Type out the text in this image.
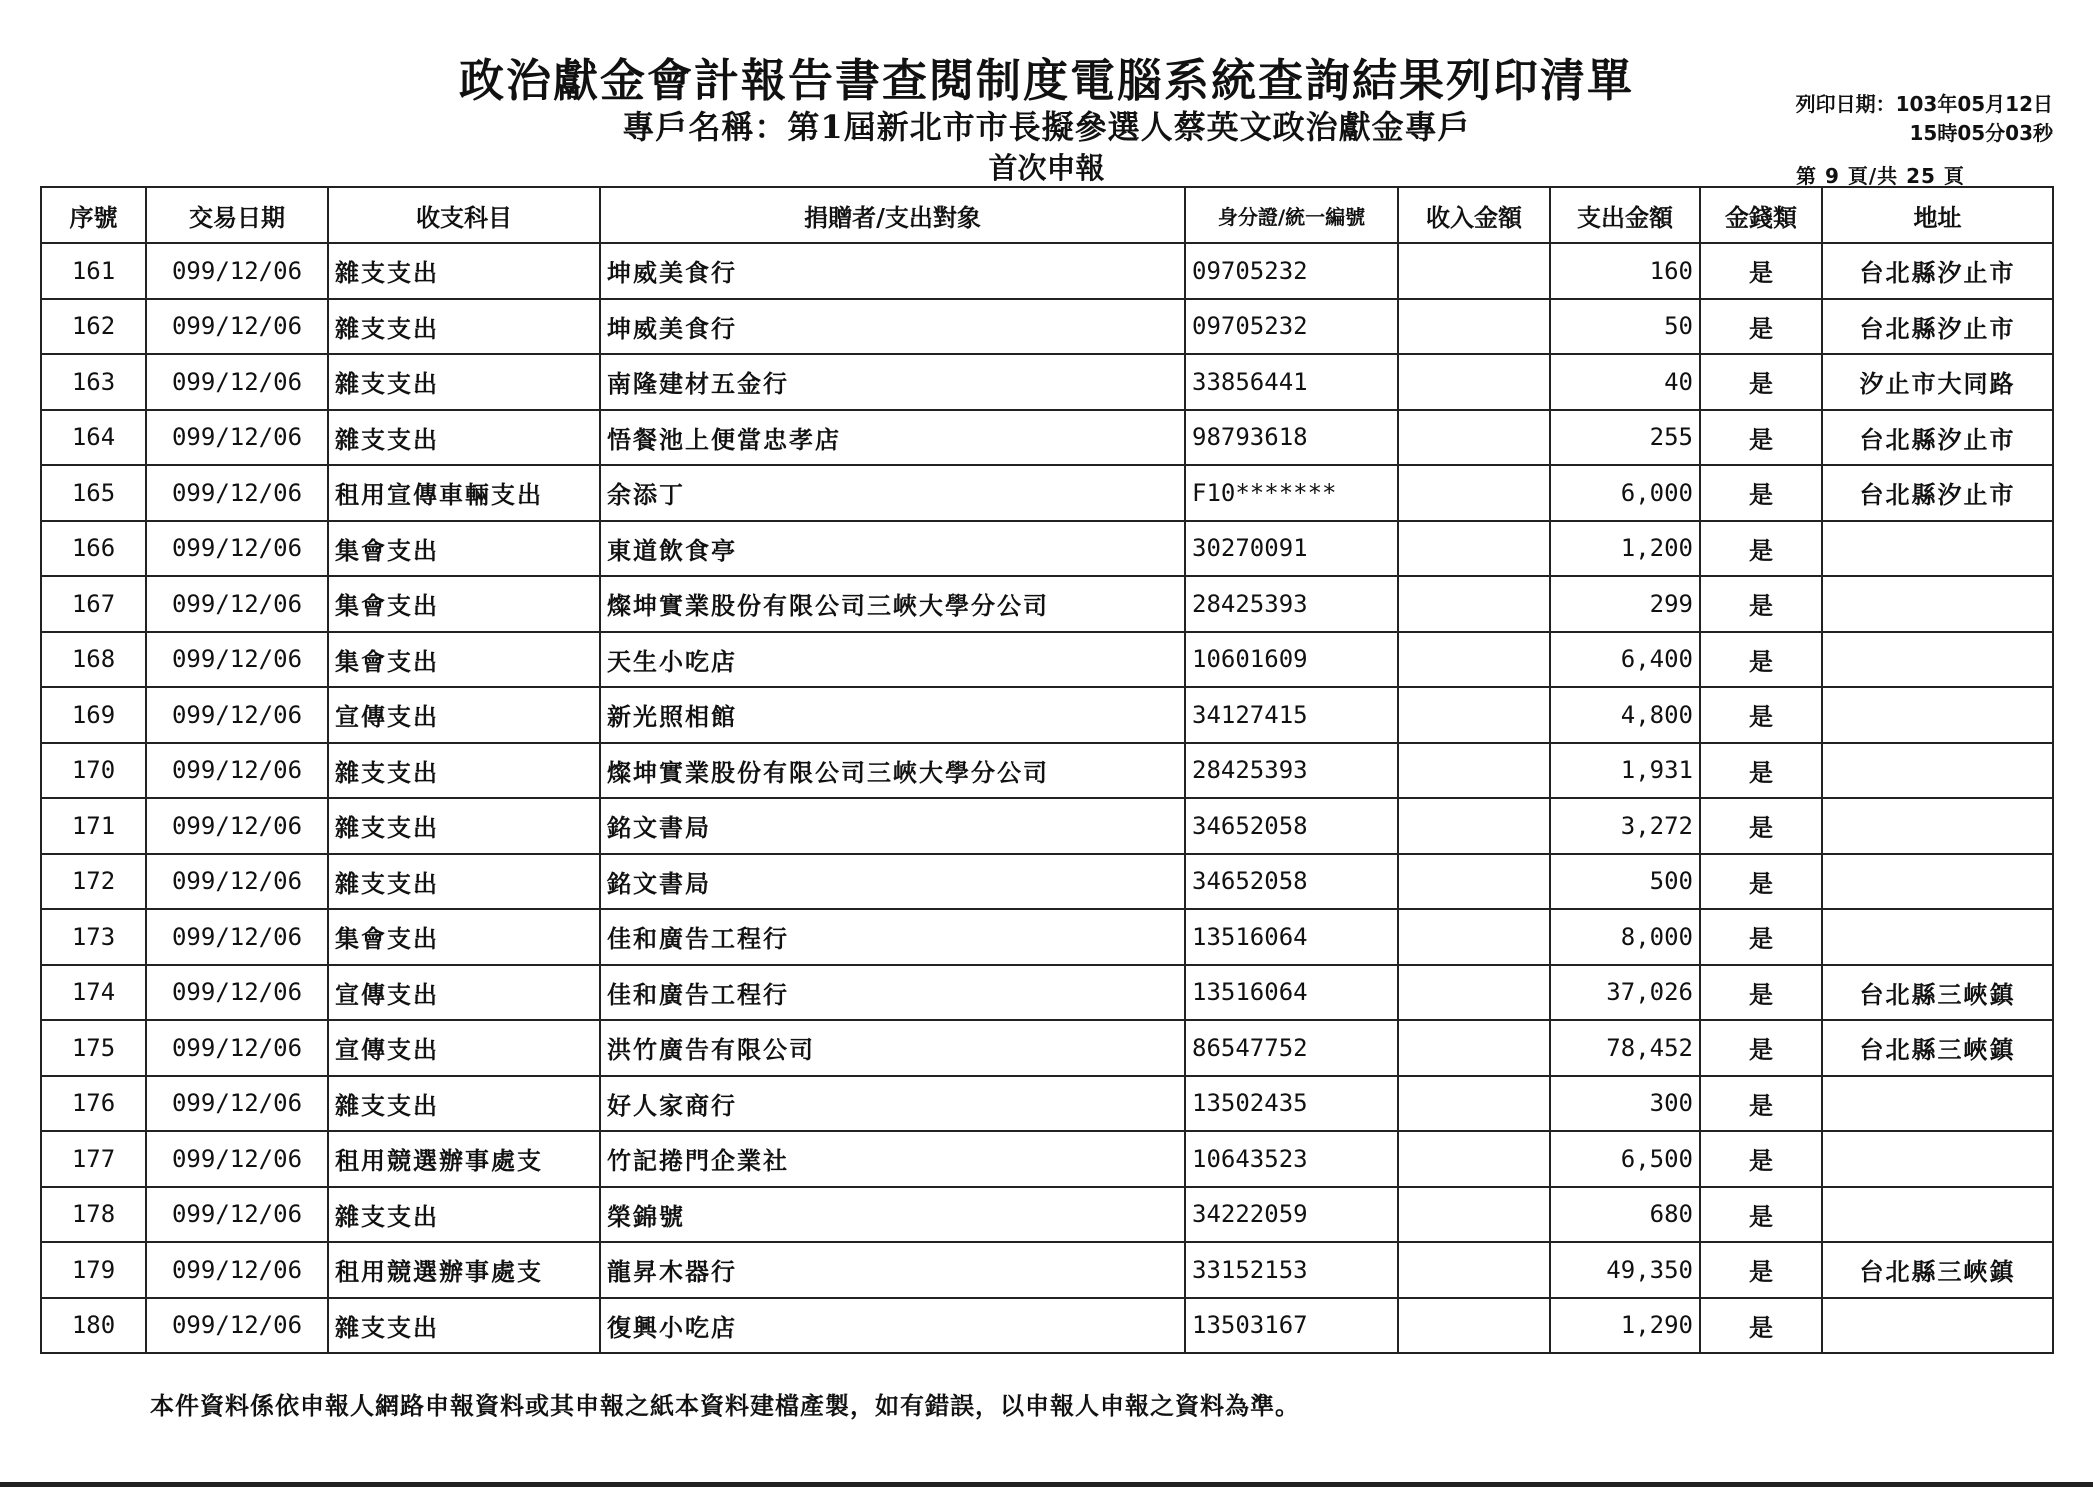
政治獻金會計報告書查閱制度電腦系統查詢結果列印清單
專戶名稱：第1屆新北市市長擬參選人蔡英文政治獻金專戶
首次申報
列印日期：103年05月12日
15時05分03秒
第 9 頁/共 25 頁
序號	交易日期	收支科目	捐贈者/支出對象	身分證/統一編號	收入金額	支出金額	金錢類	地址
161	099/12/06	雜支支出	坤威美食行	09705232		160	是	台北縣汐止市
162	099/12/06	雜支支出	坤威美食行	09705232		50	是	台北縣汐止市
163	099/12/06	雜支支出	南隆建材五金行	33856441		40	是	汐止市大同路
164	099/12/06	雜支支出	悟餐池上便當忠孝店	98793618		255	是	台北縣汐止市
165	099/12/06	租用宣傳車輛支出	余添丁	F10*******		6,000	是	台北縣汐止市
166	099/12/06	集會支出	東道飲食亭	30270091		1,200	是	
167	099/12/06	集會支出	燦坤實業股份有限公司三峽大學分公司	28425393		299	是	
168	099/12/06	集會支出	天生小吃店	10601609		6,400	是	
169	099/12/06	宣傳支出	新光照相館	34127415		4,800	是	
170	099/12/06	雜支支出	燦坤實業股份有限公司三峽大學分公司	28425393		1,931	是	
171	099/12/06	雜支支出	銘文書局	34652058		3,272	是	
172	099/12/06	雜支支出	銘文書局	34652058		500	是	
173	099/12/06	集會支出	佳和廣告工程行	13516064		8,000	是	
174	099/12/06	宣傳支出	佳和廣告工程行	13516064		37,026	是	台北縣三峽鎮
175	099/12/06	宣傳支出	洪竹廣告有限公司	86547752		78,452	是	台北縣三峽鎮
176	099/12/06	雜支支出	好人家商行	13502435		300	是	
177	099/12/06	租用競選辦事處支	竹記捲門企業社	10643523		6,500	是	
178	099/12/06	雜支支出	榮錦號	34222059		680	是	
179	099/12/06	租用競選辦事處支	龍昇木器行	33152153		49,350	是	台北縣三峽鎮
180	099/12/06	雜支支出	復興小吃店	13503167		1,290	是	
本件資料係依申報人網路申報資料或其申報之紙本資料建檔產製，如有錯誤，以申報人申報之資料為準。
